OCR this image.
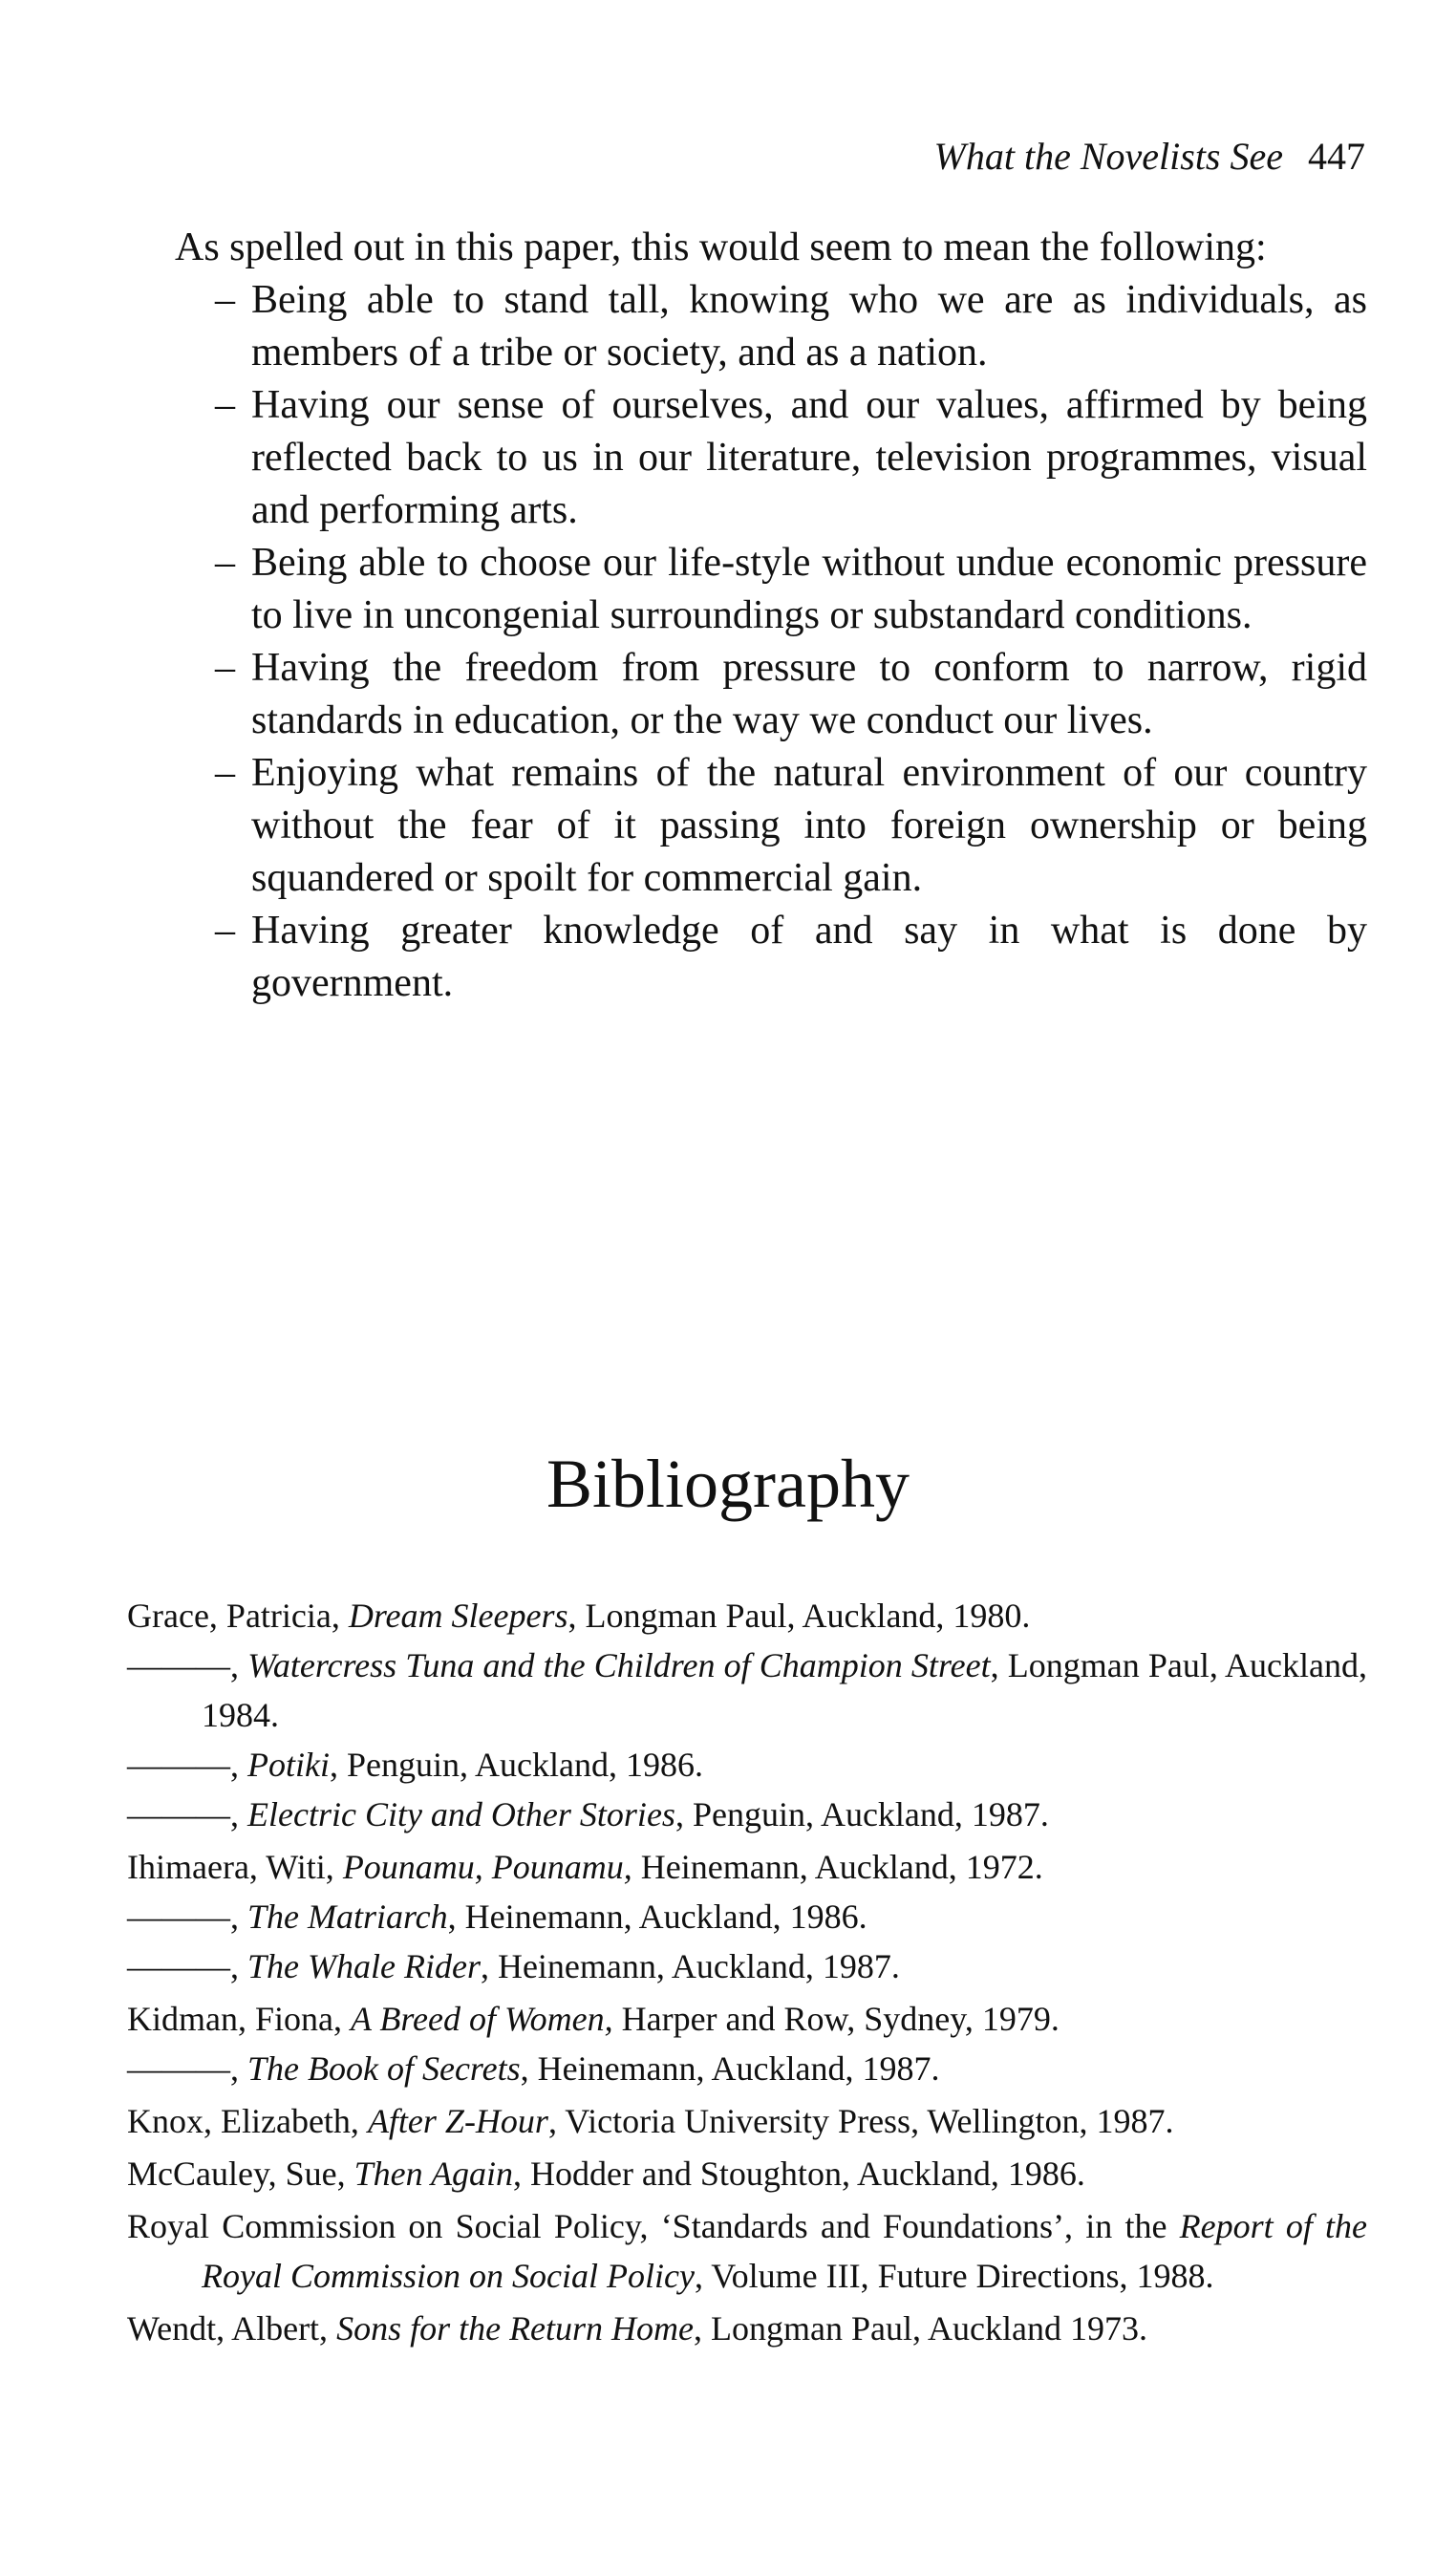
What the Novelists See 447

As spelled out in this paper, this would seem to mean the following:

– Being able to stand tall, knowing who we are as individuals, as members of a tribe or society, and as a nation.
– Having our sense of ourselves, and our values, affirmed by being reflected back to us in our literature, television programmes, visual and performing arts.
– Being able to choose our life-style without undue economic pressure to live in uncongenial surroundings or substandard conditions.
– Having the freedom from pressure to conform to narrow, rigid standards in education, or the way we conduct our lives.
– Enjoying what remains of the natural environment of our country without the fear of it passing into foreign ownership or being squandered or spoilt for commercial gain.
– Having greater knowledge of and say in what is done by government.
Bibliography
Grace, Patricia, Dream Sleepers, Longman Paul, Auckland, 1980.
———, Watercress Tuna and the Children of Champion Street, Longman Paul, Auckland, 1984.
———, Potiki, Penguin, Auckland, 1986.
———, Electric City and Other Stories, Penguin, Auckland, 1987.
Ihimaera, Witi, Pounamu, Pounamu, Heinemann, Auckland, 1972.
———, The Matriarch, Heinemann, Auckland, 1986.
———, The Whale Rider, Heinemann, Auckland, 1987.
Kidman, Fiona, A Breed of Women, Harper and Row, Sydney, 1979.
———, The Book of Secrets, Heinemann, Auckland, 1987.
Knox, Elizabeth, After Z-Hour, Victoria University Press, Wellington, 1987.
McCauley, Sue, Then Again, Hodder and Stoughton, Auckland, 1986.
Royal Commission on Social Policy, ‘Standards and Foundations’, in the Report of the Royal Commission on Social Policy, Volume III, Future Directions, 1988.
Wendt, Albert, Sons for the Return Home, Longman Paul, Auckland 1973.
